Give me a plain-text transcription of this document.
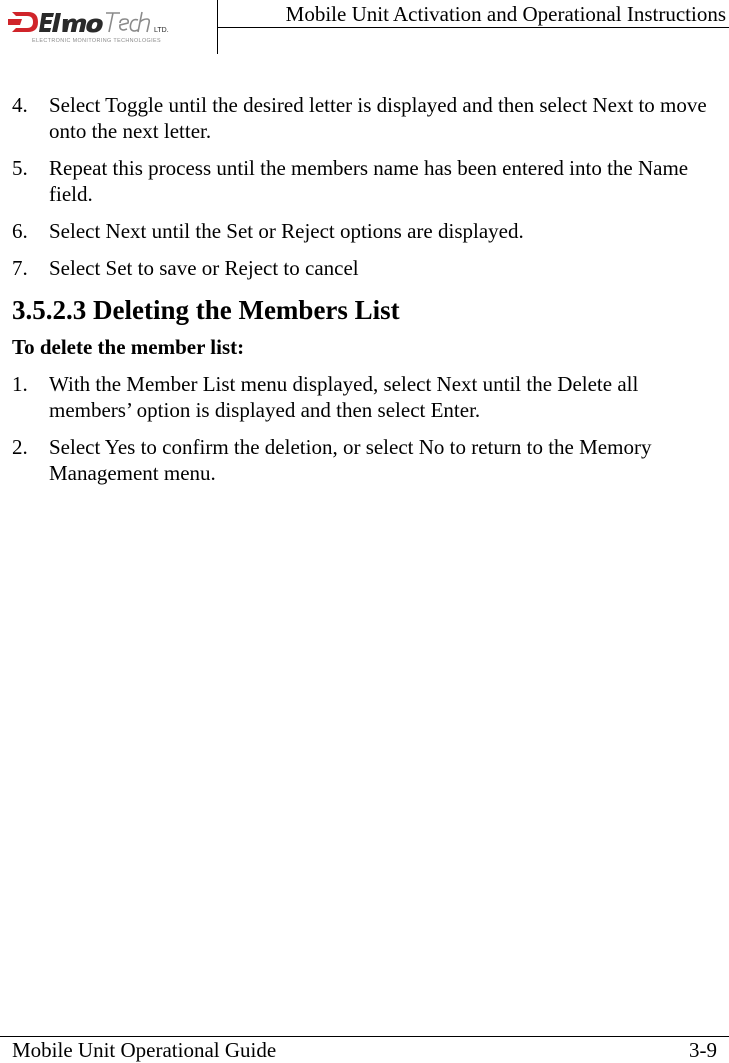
LTD.
ELECTRONIC MONITORING TECHNOLOGIES
Mobile Unit Activation and Operational Instructions
4.	Select Toggle until the desired letter is displayed and then select Next to move onto the next letter.
5.	Repeat this process until the members name has been entered into the Name field.
6.	Select Next until the Set or Reject options are displayed.
7.	Select Set to save or Reject to cancel
3.5.2.3 Deleting the Members List
To delete the member list:
1.	With the Member List menu displayed, select Next until the Delete all members’ option is displayed and then select Enter.
2.	Select Yes to confirm the deletion, or select No to return to the Memory Management menu.
Mobile Unit Operational Guide	3-9
